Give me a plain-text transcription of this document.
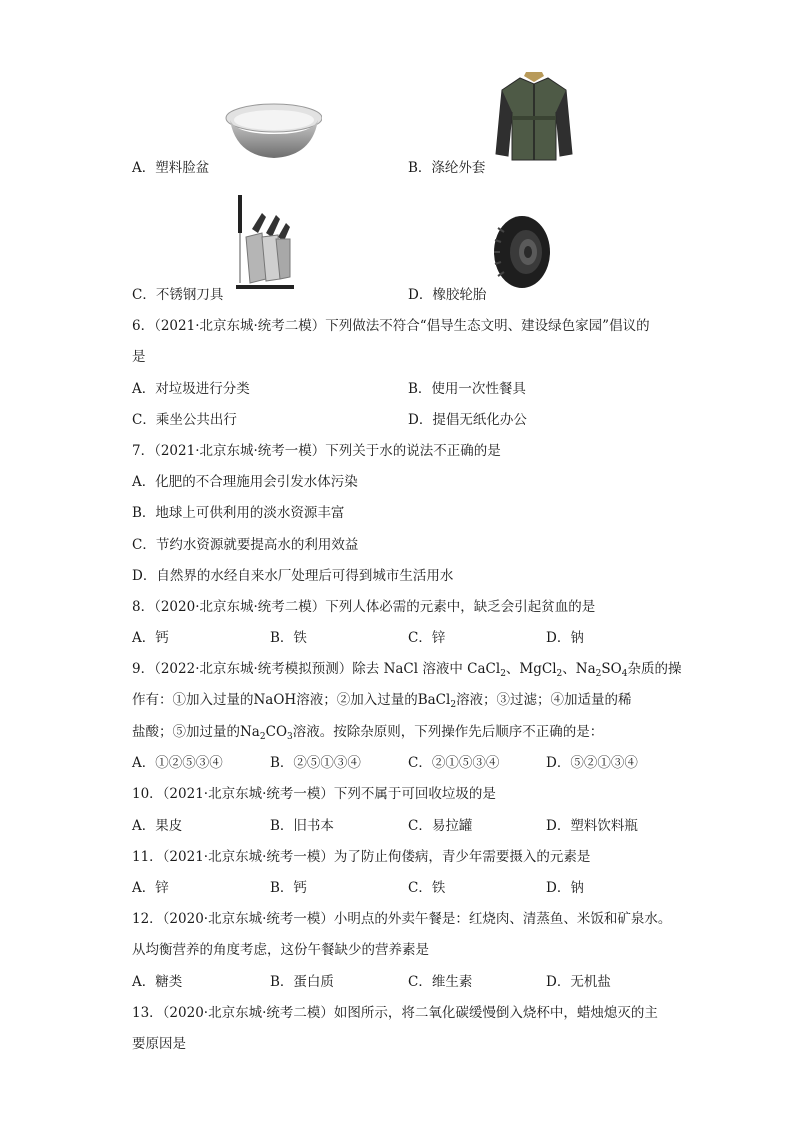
A．塑料脸盆	B．涤纶外套
C．不锈钢刀具	D．橡胶轮胎
6．（2021·北京东城·统考二模）下列做法不符合“倡导生态文明、建设绿色家园”倡议的
是
A．对垃圾进行分类	B．使用一次性餐具
C．乘坐公共出行	D．提倡无纸化办公
7．（2021·北京东城·统考一模）下列关于水的说法不正确的是
A．化肥的不合理施用会引发水体污染
B．地球上可供利用的淡水资源丰富
C．节约水资源就要提高水的利用效益
D．自然界的水经自来水厂处理后可得到城市生活用水
8．（2020·北京东城·统考二模）下列人体必需的元素中，缺乏会引起贫血的是
A．钙	B．铁	C．锌	D．钠
9．（2022·北京东城·统考模拟预测）除去 NaCl 溶液中 CaCl$_2$、MgCl$_2$、$Na_2SO_4$杂质的操
作有：①加入过量的NaOH溶液；②加入过量的BaCl$_2$溶液；③过滤；④加适量的稀
盐酸；⑤加过量的$Na_2CO_3$溶液。按除杂原则，下列操作先后顺序不正确的是：
A．①②⑤③④	B．②⑤①③④	C．②①⑤③④	D．⑤②①③④
10．（2021·北京东城·统考一模）下列不属于可回收垃圾的是
A．果皮	B．旧书本	C．易拉罐	D．塑料饮料瓶
11．（2021·北京东城·统考一模）为了防止佝偻病，青少年需要摄入的元素是
A．锌	B．钙	C．铁	D．钠
12．（2020·北京东城·统考一模）小明点的外卖午餐是：红烧肉、清蒸鱼、米饭和矿泉水。
从均衡营养的角度考虑，这份午餐缺少的营养素是
A．糖类	B．蛋白质	C．维生素	D．无机盐
13．（2020·北京东城·统考二模）如图所示，将二氧化碳缓慢倒入烧杯中，蜡烛熄灭的主
要原因是
